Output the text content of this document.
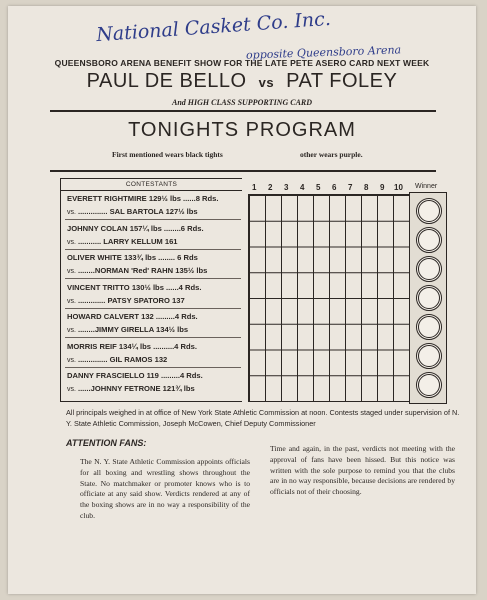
National Casket Co. Inc.
opposite Queensboro Arena
QUEENSBORO ARENA BENEFIT SHOW FOR THE LATE PETE ASERO CARD NEXT WEEK
PAUL DE BELLO vs PAT FOLEY
And HIGH CLASS SUPPORTING CARD
TONIGHTS PROGRAM
First mentioned wears black tights	other wears purple.
CONTESTANTS
EVERETT RIGHTMIRE 129½ lbs ......8 Rds.
vs. .............. SAL BARTOLA 127½ lbs
JOHNNY COLAN 157¼ lbs ........6 Rds.
vs. ........... LARRY KELLUM 161
OLIVER WHITE 133¾ lbs ........ 6 Rds
vs. ........NORMAN 'Red' RAHN 135½ lbs
VINCENT TRITTO 130½ lbs ......4 Rds.
vs. ............. PATSY SPATORO 137
HOWARD CALVERT 132 .........4 Rds.
vs. ........JIMMY GIRELLA 134½ lbs
MORRIS REIF 134¼ lbs ..........4 Rds.
vs. .............. GIL RAMOS 132
DANNY FRASCIELLO 119 .........4 Rds.
vs. ......JOHNNY FETRONE 121¾ lbs
1 2 3 4 5 6 7 8 9 10 Winner
All principals weighed in at office of New York State Athletic Commission at noon. Contests staged under supervision of N. Y. State Athletic Commission, Joseph McCowen, Chief Deputy Commissioner
ATTENTION FANS:
The N. Y. State Athletic Commission appoints officials for all boxing and wrestling shows throughout the State. No matchmaker or promoter knows who is to officiate at any said show. Verdicts rendered at any of the boxing shows are in no way a responsibility of the club.
Time and again, in the past, verdicts not meeting with the approval of fans have been hissed. But this notice was written with the sole purpose to remind you that the clubs are in no way responsible, because decisions are rendered by officials not of their choosing.
